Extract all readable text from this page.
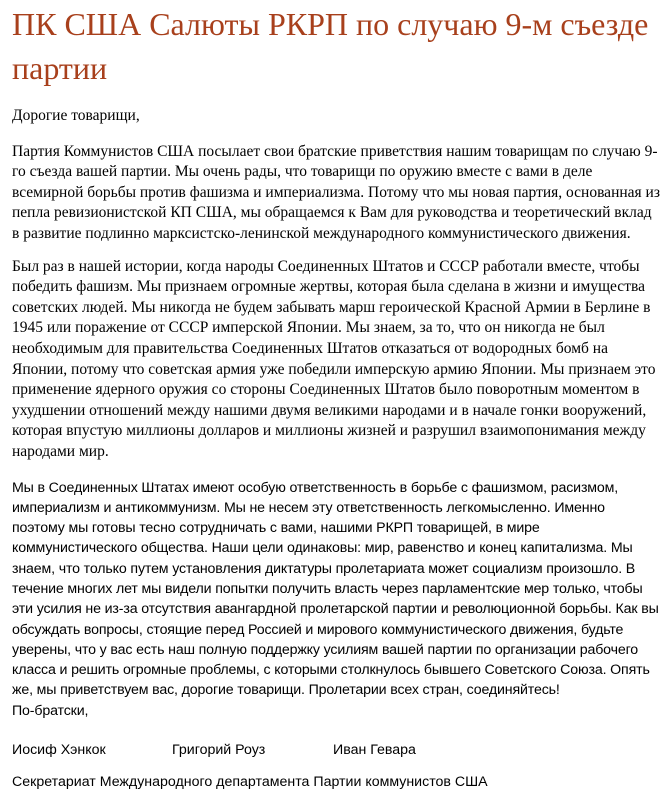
ПК США Салюты РКРП по случаю 9-м съезде партии

Дорогие товарищи,

Партия Коммунистов США посылает свои братские приветствия нашим товарищам по случаю 9-го съезда вашей партии. Мы очень рады, что товарищи по оружию вместе с вами в деле всемирной борьбы против фашизма и империализма. Потому что мы новая партия, основанная из пепла ревизионистской КП США, мы обращаемся к Вам для руководства и теоретический вклад в развитие подлинно марксистско-ленинской международного коммунистического движения.

Был раз в нашей истории, когда народы Соединенных Штатов и СССР работали вместе, чтобы победить фашизм. Мы признаем огромные жертвы, которая была сделана в жизни и имущества советских людей. Мы никогда не будем забывать марш героической Красной Армии в Берлине в 1945 или поражение от СССР имперской Японии. Мы знаем, за то, что он никогда не был необходимым для правительства Соединенных Штатов отказаться от водородных бомб на Японии, потому что советская армия уже победили имперскую армию Японии. Мы признаем это применение ядерного оружия со стороны Соединенных Штатов было поворотным моментом в ухудшении отношений между нашими двумя великими народами и в начале гонки вооружений, которая впустую миллионы долларов и миллионы жизней и разрушил взаимопонимания между народами мир.

Мы в Соединенных Штатах имеют особую ответственность в борьбе с фашизмом, расизмом, империализм и антикоммунизм. Мы не несем эту ответственность легкомысленно. Именно поэтому мы готовы тесно сотрудничать с вами, нашими РКРП товарищей, в мире коммунистического общества. Наши цели одинаковы: мир, равенство и конец капитализма. Мы знаем, что только путем установления диктатуры пролетариата может социализм произошло. В течение многих лет мы видели попытки получить власть через парламентские мер только, чтобы эти усилия не из-за отсутствия авангардной пролетарской партии и революционной борьбы. Как вы обсуждать вопросы, стоящие перед Россией и мирового коммунистического движения, будьте уверены, что у вас есть наш полную поддержку усилиям вашей партии по организации рабочего класса и решить огромные проблемы, с которыми столкнулось бывшего Советского Союза. Опять же, мы приветствуем вас, дорогие товарищи. Пролетарии всех стран, соединяйтесь!

По-братски,

Иосиф Хэнкок	Григорий Роуз	Иван Гевара
Секретариат Международного департамента Партии коммунистов США
